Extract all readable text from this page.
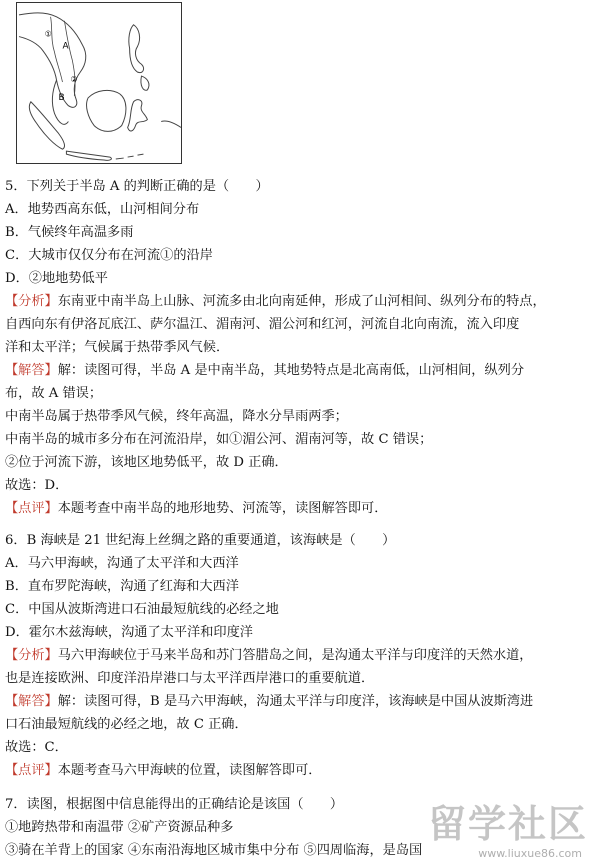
A
B
①
②
5．下列关于半岛 A 的判断正确的是（　　）
A．地势西高东低，山河相间分布
B．气候终年高温多雨
C．大城市仅仅分布在河流①的沿岸
D．②地地势低平
【分析】东南亚中南半岛上山脉、河流多由北向南延伸，形成了山河相间、纵列分布的特点，
自西向东有伊洛瓦底江、萨尔温江、湄南河、湄公河和红河，河流自北向南流，流入印度
洋和太平洋；气候属于热带季风气候．
【解答】解：读图可得，半岛 A 是中南半岛，其地势特点是北高南低，山河相间，纵列分
布，故 A 错误；
中南半岛属于热带季风气候，终年高温，降水分旱雨两季；
中南半岛的城市多分布在河流沿岸，如①湄公河、湄南河等，故 C 错误；
②位于河流下游，该地区地势低平，故 D 正确．
故选：D．
【点评】本题考查中南半岛的地形地势、河流等，读图解答即可．
6．B 海峡是 21 世纪海上丝绸之路的重要通道，该海峡是（　　）
A．马六甲海峡，沟通了太平洋和大西洋
B．直布罗陀海峡，沟通了红海和大西洋
C．中国从波斯湾进口石油最短航线的必经之地
D．霍尔木兹海峡，沟通了太平洋和印度洋
【分析】马六甲海峡位于马来半岛和苏门答腊岛之间，是沟通太平洋与印度洋的天然水道，
也是连接欧洲、印度洋沿岸港口与太平洋西岸港口的重要航道．
【解答】解：读图可得，B 是马六甲海峡，沟通太平洋与印度洋，该海峡是中国从波斯湾进
口石油最短航线的必经之地，故 C 正确．
故选：C．
【点评】本题考查马六甲海峡的位置，读图解答即可．
7．读图，根据图中信息能得出的正确结论是该国（　　）
①地跨热带和南温带 ②矿产资源品种多
③骑在羊背上的国家 ④东南沿海地区城市集中分布 ⑤四周临海，是岛国
留学社区
www.liuxue86.com
